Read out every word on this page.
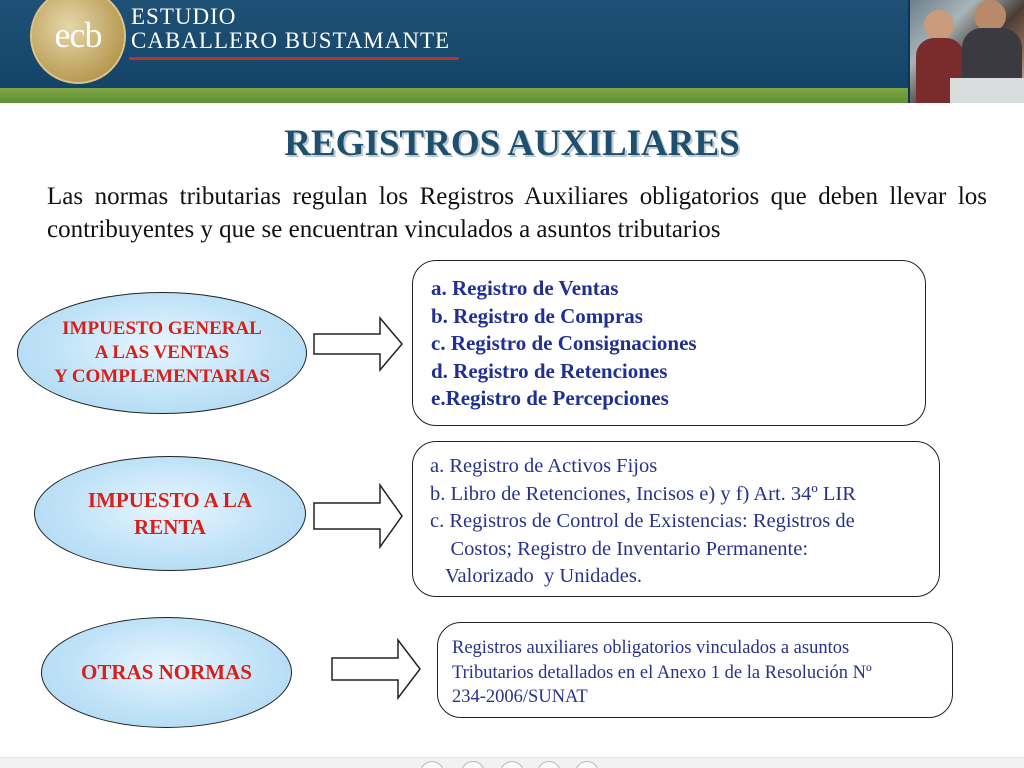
ecb	ESTUDIO
CABALLERO BUSTAMANTE
REGISTROS AUXILIARES
Las normas tributarias regulan los Registros Auxiliares obligatorios que deben llevar los contribuyentes y que se encuentran vinculados a asuntos tributarios
IMPUESTO GENERAL
A LAS VENTAS
Y COMPLEMENTARIAS
a. Registro de Ventas
b. Registro de Compras
c. Registro de Consignaciones
d. Registro de Retenciones
e.Registro de Percepciones
IMPUESTO A LA
RENTA
a. Registro de Activos Fijos
b. Libro de Retenciones, Incisos e) y f) Art. 34º LIR
c. Registros de Control de Existencias: Registros de
Costos; Registro de Inventario Permanente:
Valorizado  y Unidades.
OTRAS NORMAS
Registros auxiliares obligatorios vinculados a asuntos
Tributarios detallados en el Anexo 1 de la Resolución Nº
234-2006/SUNAT
